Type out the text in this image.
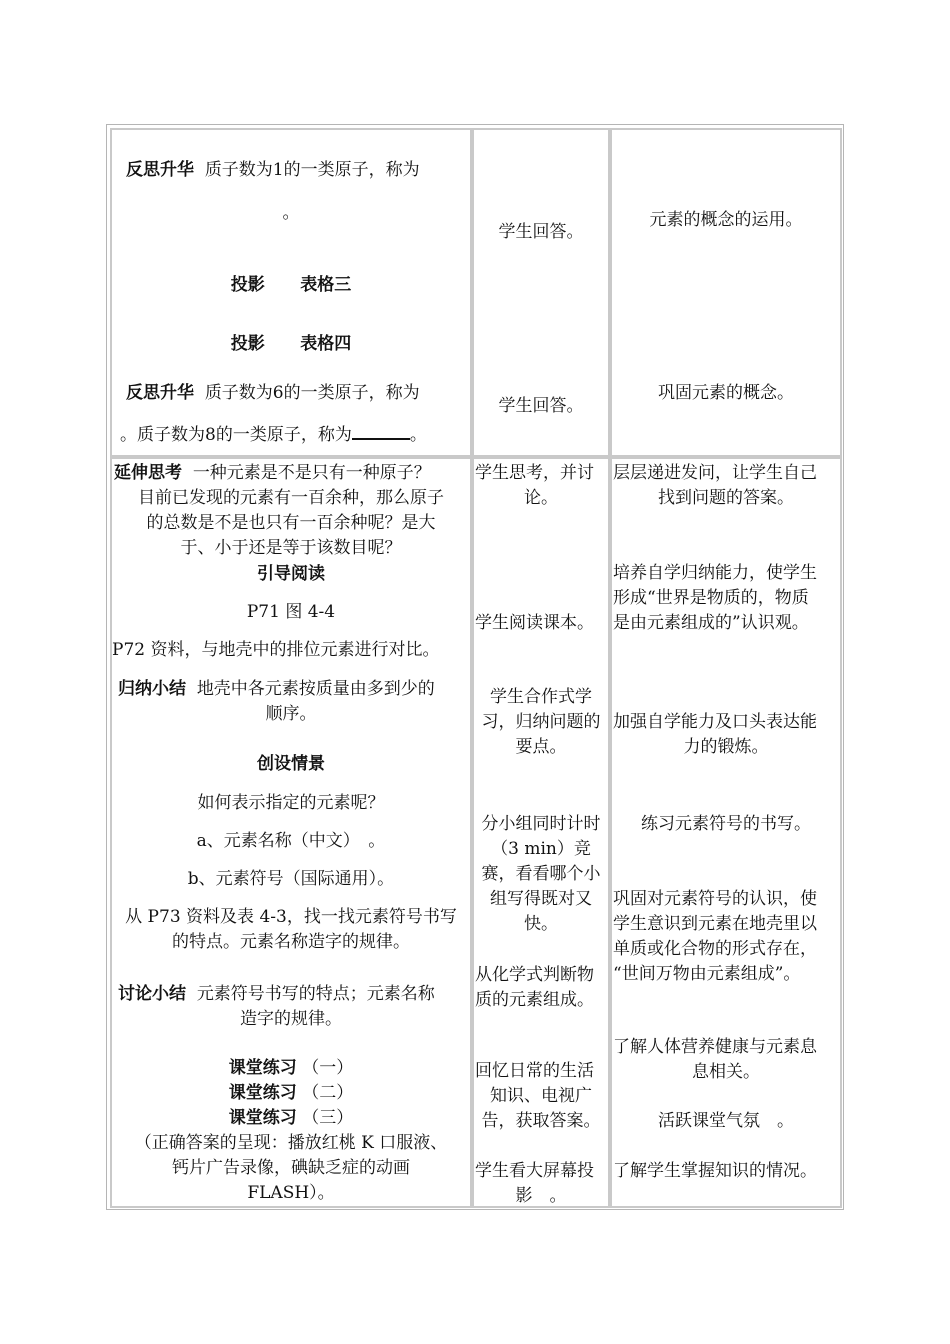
反思升华 质子数为1的一类原子，称为
。
投影 表格三
投影 表格四
反思升华 质子数为6的一类原子，称为
。质子数为8的一类原子，称为	。
学生回答。
学生回答。
元素的概念的运用。
巩固元素的概念。
延伸思考 一种元素是不是只有一种原子？
目前已发现的元素有一百余种，那么原子
的总数是不是也只有一百余种呢？是大
于、小于还是等于该数目呢？
引导阅读
P71 图 4-4
P72 资料，与地壳中的排位元素进行对比。
归纳小结 地壳中各元素按质量由多到少的
顺序。
创设情景
如何表示指定的元素呢？
a、元素名称（中文）　。
b、元素符号（国际通用）。
从 P73 资料及表 4-3，找一找元素符号书写
的特点。元素名称造字的规律。
讨论小结 元素符号书写的特点；元素名称
造字的规律。
课堂练习 （一）
课堂练习 （二）
课堂练习 （三）
（正确答案的呈现：播放红桃 K 口服液、
钙片广告录像，碘缺乏症的动画
FLASH）。
学生思考，并讨
论。
学生阅读课本。
学生合作式学
习，归纳问题的
要点。
分小组同时计时
（3 min）竞
赛，看看哪个小
组写得既对又
快。
从化学式判断物
质的元素组成。
回忆日常的生活
知识、电视广
告，获取答案。
学生看大屏幕投
影　。
层层递进发问，让学生自己
找到问题的答案。
培养自学归纳能力，使学生
形成“世界是物质的，物质
是由元素组成的”认识观。
加强自学能力及口头表达能
力的锻炼。
练习元素符号的书写。
巩固对元素符号的认识，使
学生意识到元素在地壳里以
单质或化合物的形式存在，
“世间万物由元素组成”。
了解人体营养健康与元素息
息相关。
活跃课堂气氛　。
了解学生掌握知识的情况。
